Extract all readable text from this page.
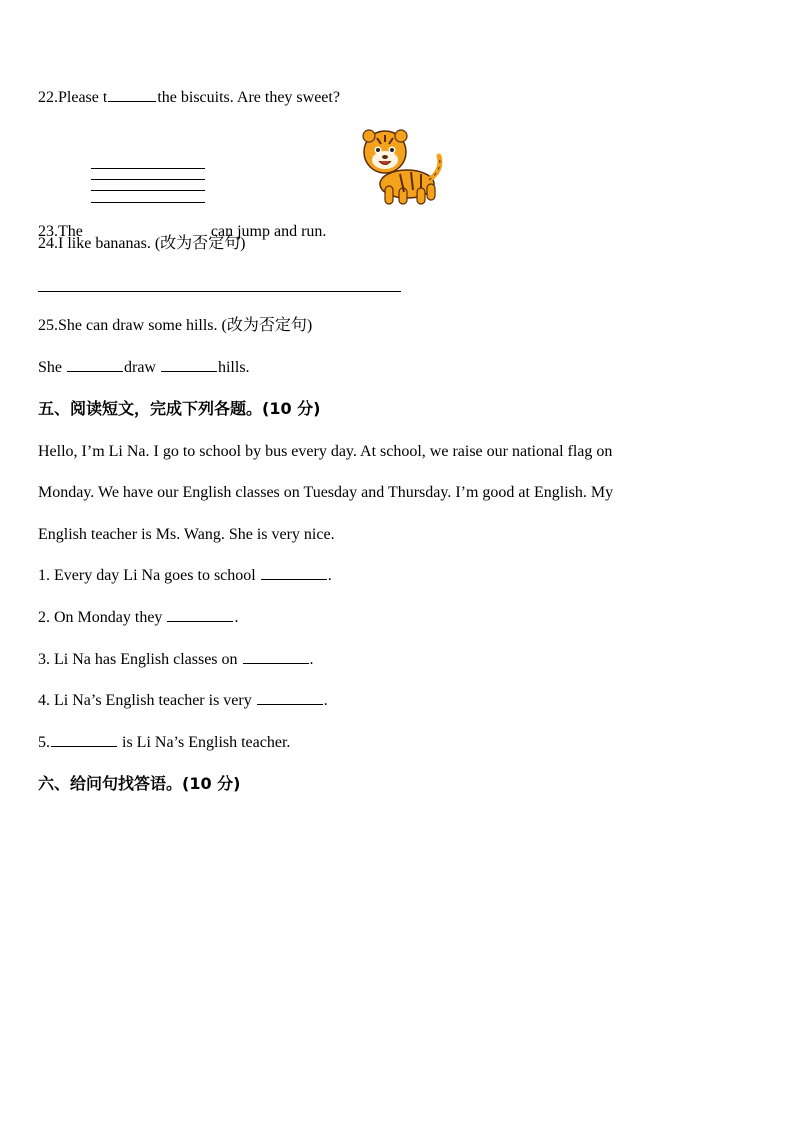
22.Please t	the biscuits. Are they sweet?
23.The	can jump and run.
24.I like bananas. (改为否定句)
25.She can draw some hills. (改为否定句)
She	draw	hills.
五、阅读短文，完成下列各题。(10 分)
Hello, I’m Li Na. I go to school by bus every day. At school, we raise our national flag on
Monday. We have our English classes on Tuesday and Thursday. I’m good at English. My
English teacher is Ms. Wang. She is very nice.
1. Every day Li Na goes to school	.
2. On Monday they	.
3. Li Na has English classes on	.
4. Li Na’s English teacher is very	.
5.	is Li Na’s English teacher.
六、给问句找答语。(10 分)
